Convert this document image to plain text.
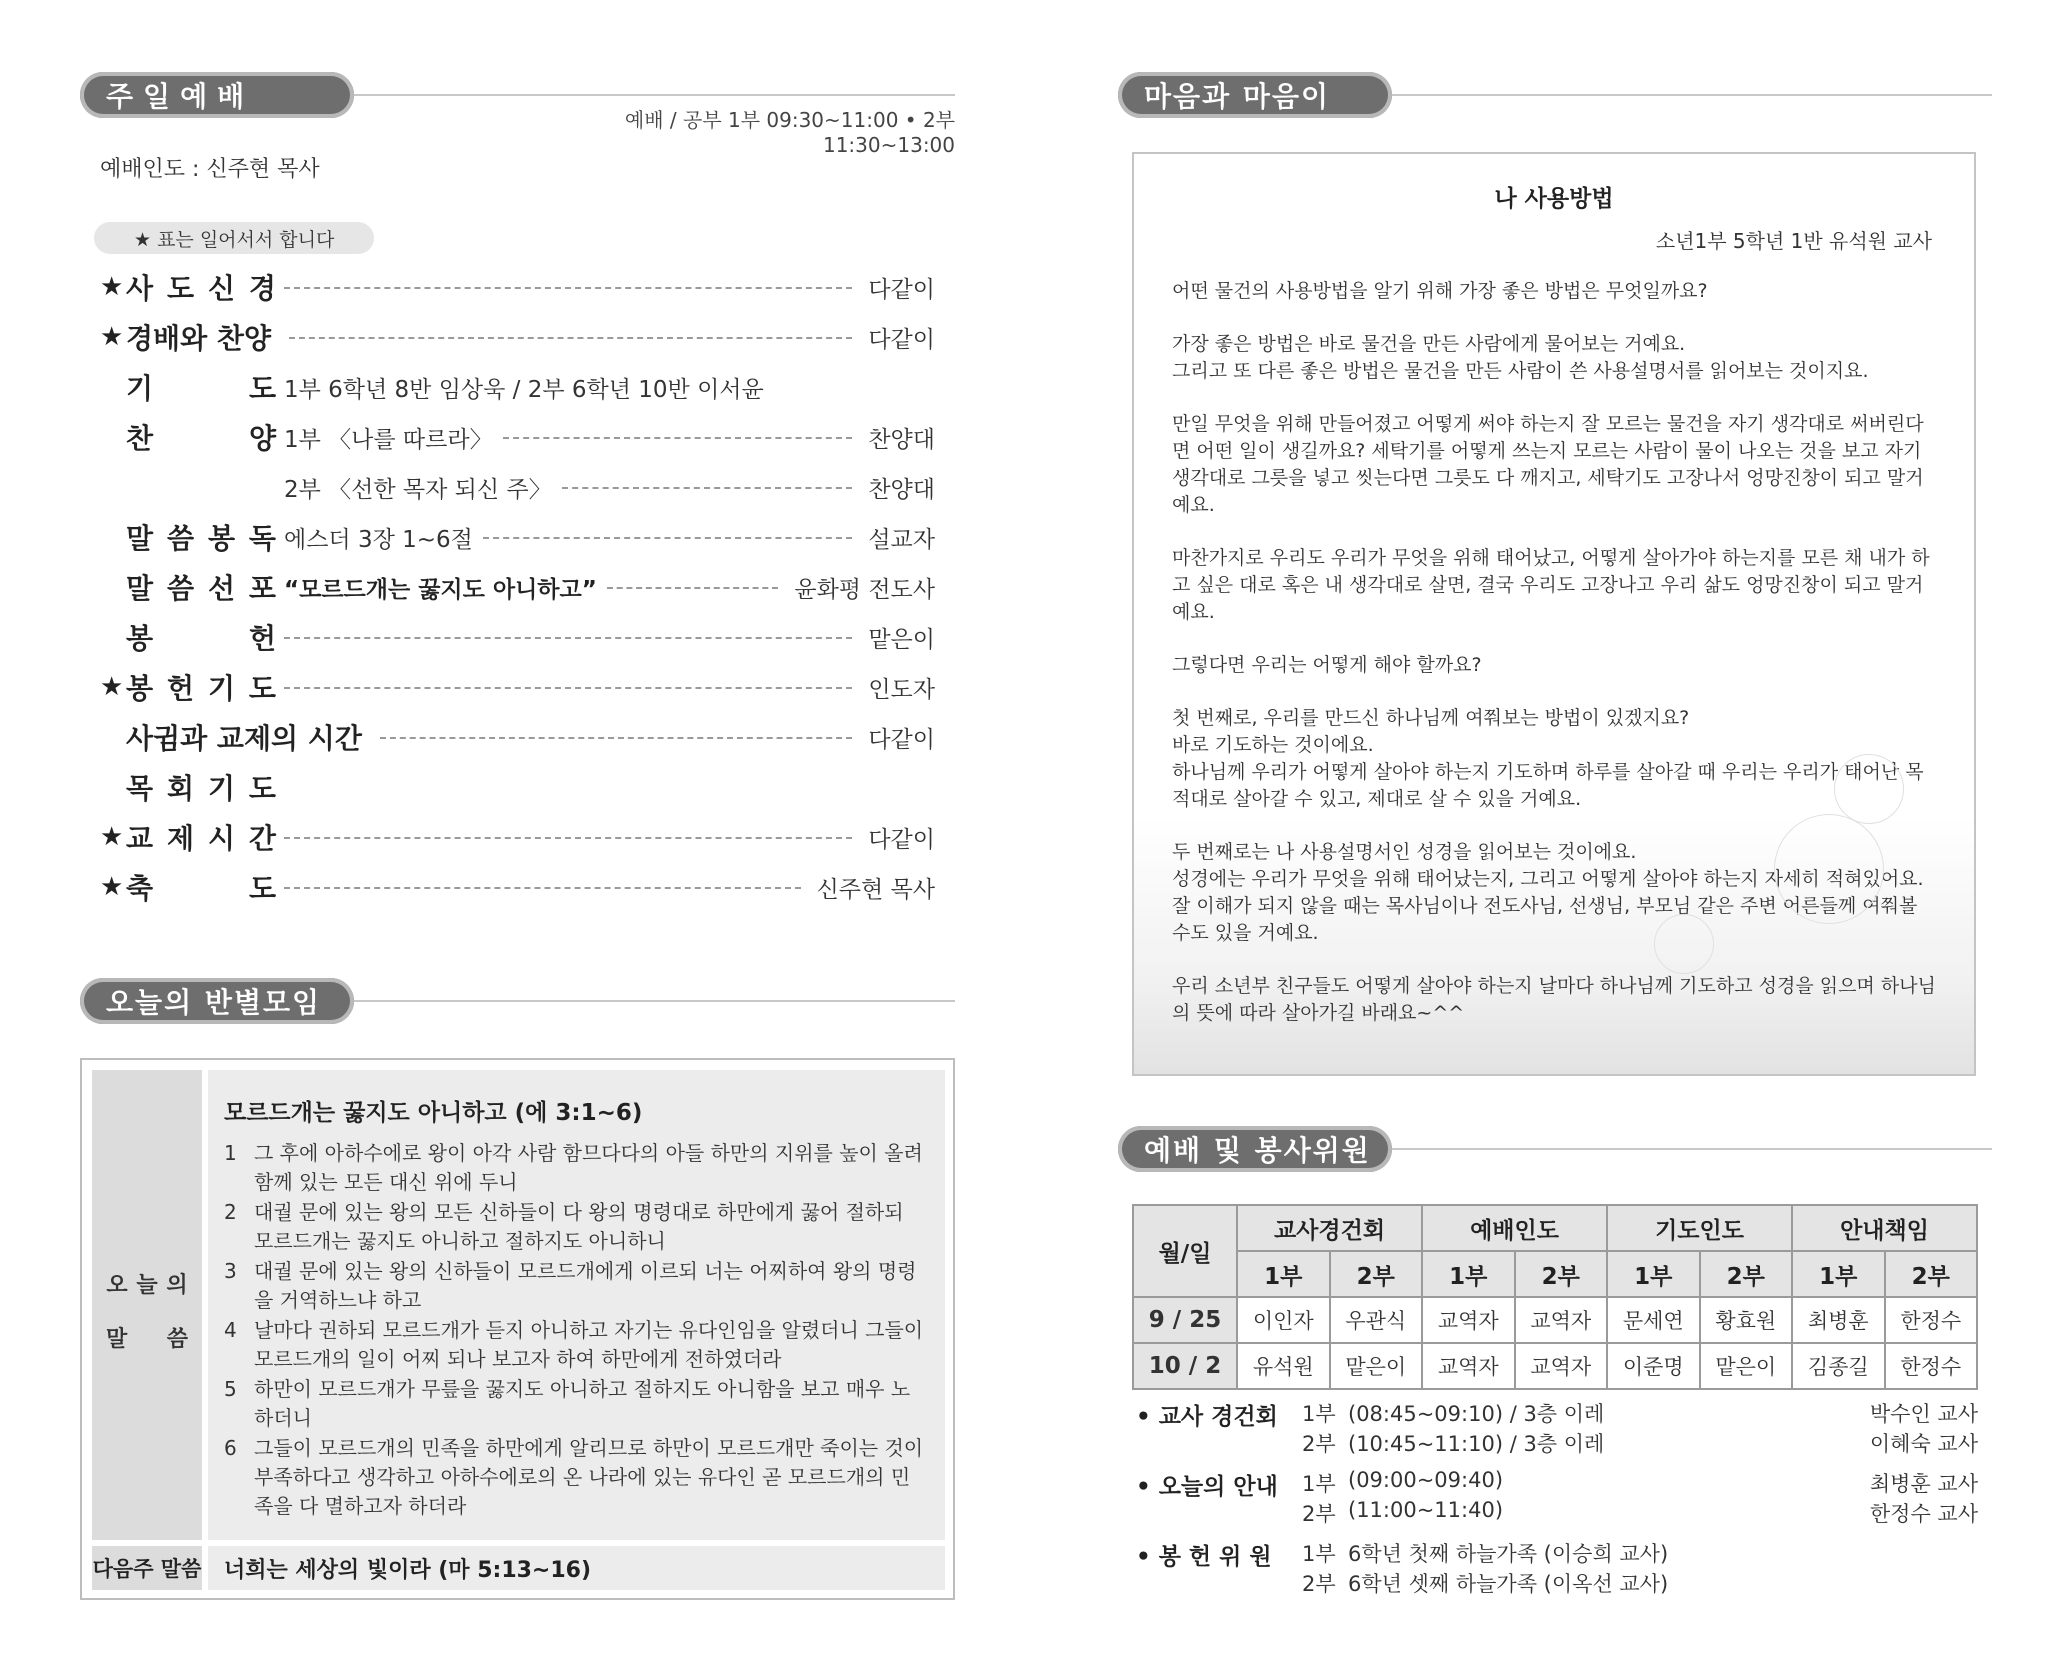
주일예배
예배 / 공부 1부 09:30~11:00 • 2부 11:30~13:00
예배인도 : 신주현 목사
★ 표는 일어서서 합니다
★ 사 도 신 경	다같이
★ 경배와 찬양	다같이
기	도 1부 6학년 8반 임상욱 / 2부 6학년 10반 이서윤
찬	양 1부 〈나를 따르라〉	찬양대
2부 〈선한 목자 되신 주〉	찬양대
말 씀 봉 독 에스더 3장 1~6절	설교자
말 씀 선 포 “모르드개는 꿇지도 아니하고”	윤화평 전도사
봉	헌	맡은이
★ 봉 헌 기 도	인도자
사귐과 교제의 시간	다같이
목 회 기 도
★ 교 제 시 간	다같이
★ 축	도	신주현 목사
오늘의 반별모임
오 늘 의
말 씀
모르드개는 꿇지도 아니하고 (에 3:1~6)
1 그 후에 아하수에로 왕이 아각 사람 함므다다의 아들 하만의 지위를 높이 올려 함께 있는 모든 대신 위에 두니
2 대궐 문에 있는 왕의 모든 신하들이 다 왕의 명령대로 하만에게 꿇어 절하되 모르드개는 꿇지도 아니하고 절하지도 아니하니
3 대궐 문에 있는 왕의 신하들이 모르드개에게 이르되 너는 어찌하여 왕의 명령을 거역하느냐 하고
4 날마다 권하되 모르드개가 듣지 아니하고 자기는 유다인임을 알렸더니 그들이 모르드개의 일이 어찌 되나 보고자 하여 하만에게 전하였더라
5 하만이 모르드개가 무릎을 꿇지도 아니하고 절하지도 아니함을 보고 매우 노하더니
6 그들이 모르드개의 민족을 하만에게 알리므로 하만이 모르드개만 죽이는 것이 부족하다고 생각하고 아하수에로의 온 나라에 있는 유다인 곧 모르드개의 민족을 다 멸하고자 하더라
다음주 말씀	너희는 세상의 빛이라 (마 5:13~16)
마음과 마음이
나 사용방법
소년1부 5학년 1반 유석원 교사

어떤 물건의 사용방법을 알기 위해 가장 좋은 방법은 무엇일까요?

가장 좋은 방법은 바로 물건을 만든 사람에게 물어보는 거예요.
그리고 또 다른 좋은 방법은 물건을 만든 사람이 쓴 사용설명서를 읽어보는 것이지요.

만일 무엇을 위해 만들어졌고 어떻게 써야 하는지 잘 모르는 물건을 자기 생각대로 써버린다면 어떤 일이 생길까요? 세탁기를 어떻게 쓰는지 모르는 사람이 물이 나오는 것을 보고 자기 생각대로 그릇을 넣고 씻는다면 그릇도 다 깨지고, 세탁기도 고장나서 엉망진창이 되고 말거예요.

마찬가지로 우리도 우리가 무엇을 위해 태어났고, 어떻게 살아가야 하는지를 모른 채 내가 하고 싶은 대로 혹은 내 생각대로 살면, 결국 우리도 고장나고 우리 삶도 엉망진창이 되고 말거예요.

그렇다면 우리는 어떻게 해야 할까요?

첫 번째로, 우리를 만드신 하나님께 여쭤보는 방법이 있겠지요?
바로 기도하는 것이에요.
하나님께 우리가 어떻게 살아야 하는지 기도하며 하루를 살아갈 때 우리는 우리가 태어난 목적대로 살아갈 수 있고, 제대로 살 수 있을 거예요.

두 번째로는 나 사용설명서인 성경을 읽어보는 것이에요.
성경에는 우리가 무엇을 위해 태어났는지, 그리고 어떻게 살아야 하는지 자세히 적혀있어요. 잘 이해가 되지 않을 때는 목사님이나 전도사님, 선생님, 부모님 같은 주변 어른들께 여쭤볼 수도 있을 거예요.

우리 소년부 친구들도 어떻게 살아야 하는지 날마다 하나님께 기도하고 성경을 읽으며 하나님의 뜻에 따라 살아가길 바래요~^^

예배 및 봉사위원
월/일	교사경건회		예배인도		기도인도		안내책임	
	1부	2부	1부	2부	1부	2부	1부	2부
9 / 25	이인자	우관식	교역자	교역자	문세연	황효원	최병훈	한정수
10 / 2	유석원	맡은이	교역자	교역자	이준명	맡은이	김종길	한정수
• 교사 경건회 1부 (08:45~09:10) / 3층 이레	박수인 교사
2부 (10:45~11:10) / 3층 이레	이혜숙 교사
• 오늘의 안내 1부 (09:00~09:40)	최병훈 교사
2부 (11:00~11:40)	한정수 교사
• 봉 헌 위 원 1부 6학년 첫째 하늘가족 (이승희 교사)
2부 6학년 셋째 하늘가족 (이옥선 교사)
